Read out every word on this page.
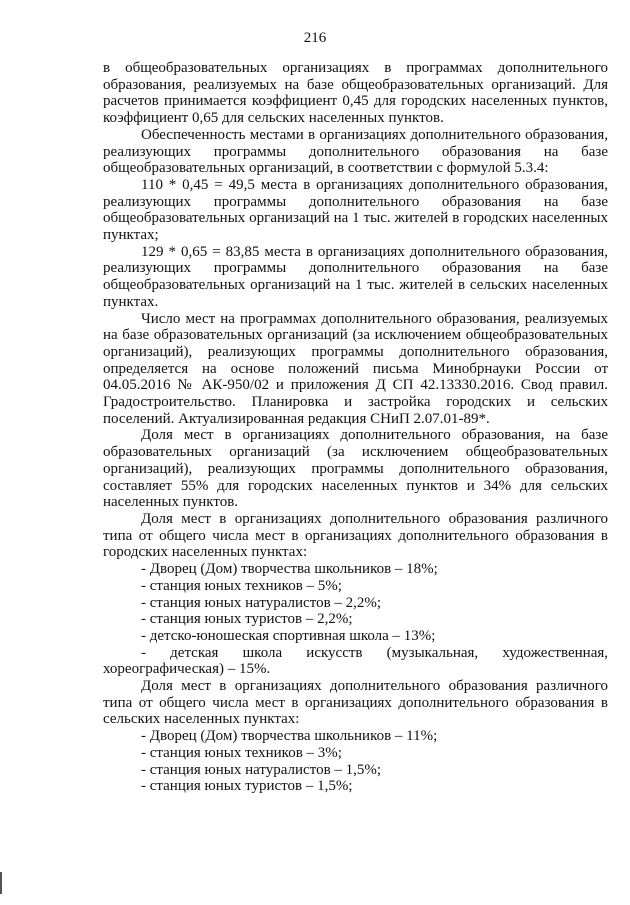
216

в общеобразовательных организациях в программах дополнительного образования, реализуемых на базе общеобразовательных организаций. Для расчетов принимается коэффициент 0,45 для городских населенных пунктов, коэффициент 0,65 для сельских населенных пунктов.

Обеспеченность местами в организациях дополнительного образования, реализующих программы дополнительного образования на базе общеобразовательных организаций, в соответствии с формулой 5.3.4:

110 * 0,45 = 49,5 места в организациях дополнительного образования, реализующих программы дополнительного образования на базе общеобразовательных организаций на 1 тыс. жителей в городских населенных пунктах;

129 * 0,65 = 83,85 места в организациях дополнительного образования, реализующих программы дополнительного образования на базе общеобразовательных организаций на 1 тыс. жителей в сельских населенных пунктах.

Число мест на программах дополнительного образования, реализуемых на базе образовательных организаций (за исключением общеобразовательных организаций), реализующих программы дополнительного образования, определяется на основе положений письма Минобрнауки России от 04.05.2016 № АК-950/02 и приложения Д СП 42.13330.2016. Свод правил. Градостроительство. Планировка и застройка городских и сельских поселений. Актуализированная редакция СНиП 2.07.01-89*.

Доля мест в организациях дополнительного образования, на базе образовательных организаций (за исключением общеобразовательных организаций), реализующих программы дополнительного образования, составляет 55% для городских населенных пунктов и 34% для сельских населенных пунктов.

Доля мест в организациях дополнительного образования различного типа от общего числа мест в организациях дополнительного образования в городских населенных пунктах:

- Дворец (Дом) творчества школьников – 18%;

- станция юных техников – 5%;

- станция юных натуралистов – 2,2%;

- станция юных туристов – 2,2%;

- детско-юношеская спортивная школа – 13%;

- детская школа искусств (музыкальная, художественная, хореографическая) – 15%.

Доля мест в организациях дополнительного образования различного типа от общего числа мест в организациях дополнительного образования в сельских населенных пунктах:

- Дворец (Дом) творчества школьников – 11%;

- станция юных техников – 3%;

- станция юных натуралистов – 1,5%;

- станция юных туристов – 1,5%;
